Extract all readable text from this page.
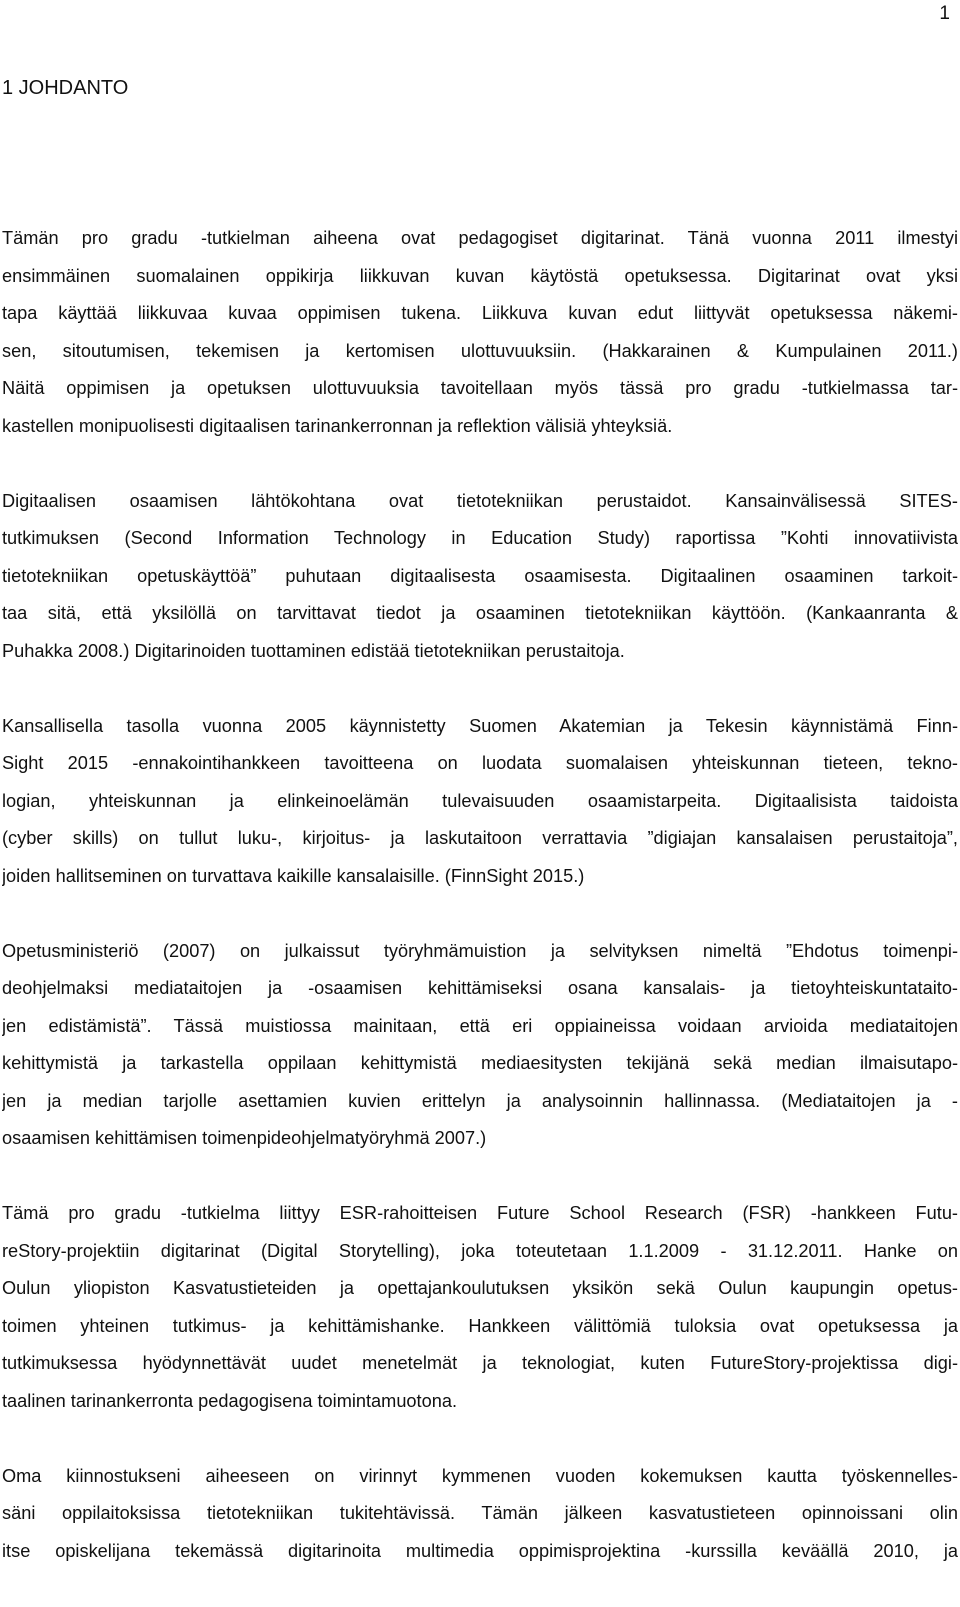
1
1 JOHDANTO

Tämän pro gradu -tutkielman aiheena ovat pedagogiset digitarinat. Tänä vuonna 2011 ilmestyi
ensimmäinen suomalainen oppikirja liikkuvan kuvan käytöstä opetuksessa. Digitarinat ovat yksi
tapa käyttää liikkuvaa kuvaa oppimisen tukena. Liikkuva kuvan edut liittyvät opetuksessa näkemi-
sen, sitoutumisen, tekemisen ja kertomisen ulottuvuuksiin. (Hakkarainen & Kumpulainen 2011.)
Näitä oppimisen ja opetuksen ulottuvuuksia tavoitellaan myös tässä pro gradu -tutkielmassa tar-
kastellen monipuolisesti digitaalisen tarinankerronnan ja reflektion välisiä yhteyksiä.

Digitaalisen osaamisen lähtökohtana ovat tietotekniikan perustaidot. Kansainvälisessä SITES-
tutkimuksen (Second Information Technology in Education Study) raportissa ”Kohti innovatiivista
tietotekniikan opetuskäyttöä” puhutaan digitaalisesta osaamisesta. Digitaalinen osaaminen tarkoit-
taa sitä, että yksilöllä on tarvittavat tiedot ja osaaminen tietotekniikan käyttöön. (Kankaanranta &
Puhakka 2008.) Digitarinoiden tuottaminen edistää tietotekniikan perustaitoja.

Kansallisella tasolla vuonna 2005 käynnistetty Suomen Akatemian ja Tekesin käynnistämä Finn-
Sight 2015 -ennakointihankkeen tavoitteena on luodata suomalaisen yhteiskunnan tieteen, tekno-
logian, yhteiskunnan ja elinkeinoelämän tulevaisuuden osaamistarpeita. Digitaalisista taidoista
(cyber skills) on tullut luku-, kirjoitus- ja laskutaitoon verrattavia ”digiajan kansalaisen perustaitoja”,
joiden hallitseminen on turvattava kaikille kansalaisille. (FinnSight 2015.)

Opetusministeriö (2007) on julkaissut työryhmämuistion ja selvityksen nimeltä ”Ehdotus toimenpi-
deohjelmaksi mediataitojen ja -osaamisen kehittämiseksi osana kansalais- ja tietoyhteiskuntataito-
jen edistämistä”. Tässä muistiossa mainitaan, että eri oppiaineissa voidaan arvioida mediataitojen
kehittymistä ja tarkastella oppilaan kehittymistä mediaesitysten tekijänä sekä median ilmaisutapo-
jen ja median tarjolle asettamien kuvien erittelyn ja analysoinnin hallinnassa. (Mediataitojen ja -
osaamisen kehittämisen toimenpideohjelmatyöryhmä 2007.)

Tämä pro gradu -tutkielma liittyy ESR-rahoitteisen Future School Research (FSR) -hankkeen Futu-
reStory-projektiin digitarinat (Digital Storytelling), joka toteutetaan 1.1.2009 - 31.12.2011. Hanke on
Oulun yliopiston Kasvatustieteiden ja opettajankoulutuksen yksikön sekä Oulun kaupungin opetus-
toimen yhteinen tutkimus- ja kehittämishanke. Hankkeen välittömiä tuloksia ovat opetuksessa ja
tutkimuksessa hyödynnettävät uudet menetelmät ja teknologiat, kuten FutureStory-projektissa digi-
taalinen tarinankerronta pedagogisena toimintamuotona.

Oma kiinnostukseni aiheeseen on virinnyt kymmenen vuoden kokemuksen kautta työskennelles-
säni oppilaitoksissa tietotekniikan tukitehtävissä. Tämän jälkeen kasvatustieteen opinnoissani olin
itse opiskelijana tekemässä digitarinoita multimedia oppimisprojektina -kurssilla keväällä 2010, ja
